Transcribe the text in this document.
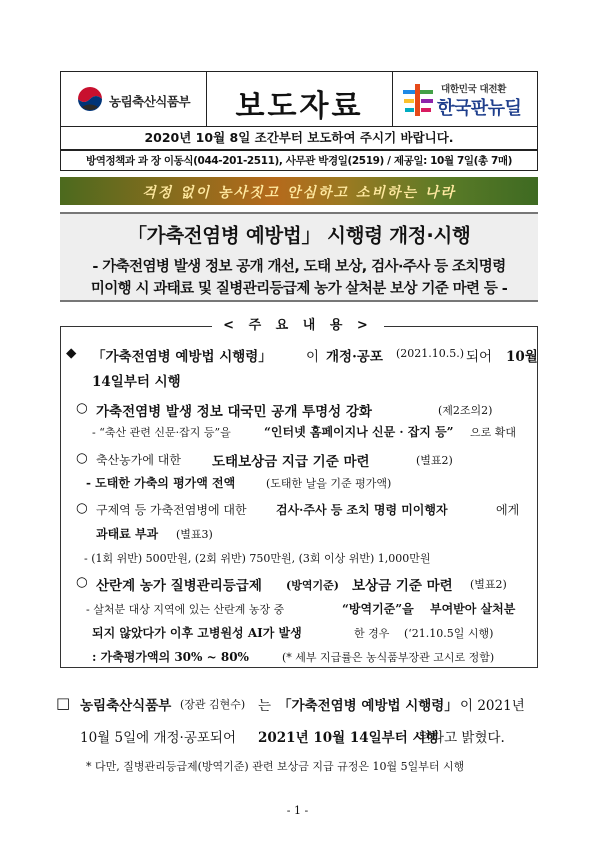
농림축산식품부	보도자료	대한민국 대전환
한국판뉴딜
2020년 10월 8일 조간부터 보도하여 주시기 바랍니다.
방역정책과 과 장 이동식(044-201-2511), 사무관 박경일(2519) / 제공일: 10월 7일(총 7매)
걱정 없이 농사짓고 안심하고 소비하는 나라
「가축전염병 예방법」 시행령 개정·시행
- 가축전염병 발생 정보 공개 개선, 도태 보상, 검사·주사 등 조치명령
미이행 시 과태료 및 질병관리등급제 농가 살처분 보상 기준 마련 등 -
< 주 요 내 용 >
◆ 「가축전염병 예방법 시행령」	이 개정·공포 (2021.10.5.) 되어 10월
14일부터 시행
○ 가축전염병 발생 정보 대국민 공개 투명성 강화	(제2조의2)
- “축산 관련 신문·잡지 등”을	“인터넷 홈페이지나 신문 · 잡지 등” 으로 확대
○ 축산농가에 대한 도태보상금 지급 기준 마련	(별표2)
- 도태한 가축의 평가액 전액	(도태한 날을 기준 평가액)
○ 구제역 등 가축전염병에 대한 검사·주사 등 조치 명령 미이행자	에게
과태료 부과 (별표3)
- (1회 위반) 500만원, (2회 위반) 750만원, (3회 이상 위반) 1,000만원
○ 산란계 농가 질병관리등급제 (방역기준) 보상금 기준 마련 (별표2)
- 살처분 대상 지역에 있는 산란계 농장 중	“방역기준”을 부여받아 살처분
되지 않았다가 이후 고병원성 AI가 발생	한 경우 (‘21.10.5일 시행)
: 가축평가액의 30% ~ 80%	(* 세부 지급률은 농식품부장관 고시로 정함)
□ 농림축산식품부 (장관 김현수) 는 「가축전염병 예방법 시행령」 이 2021년
10월 5일에 개정·공포되어 2021년 10월 14일부터 시행
된다고 밝혔다.
* 다만, 질병관리등급제(방역기준) 관련 보상금 지급 규정은 10월 5일부터 시행
- 1 -
